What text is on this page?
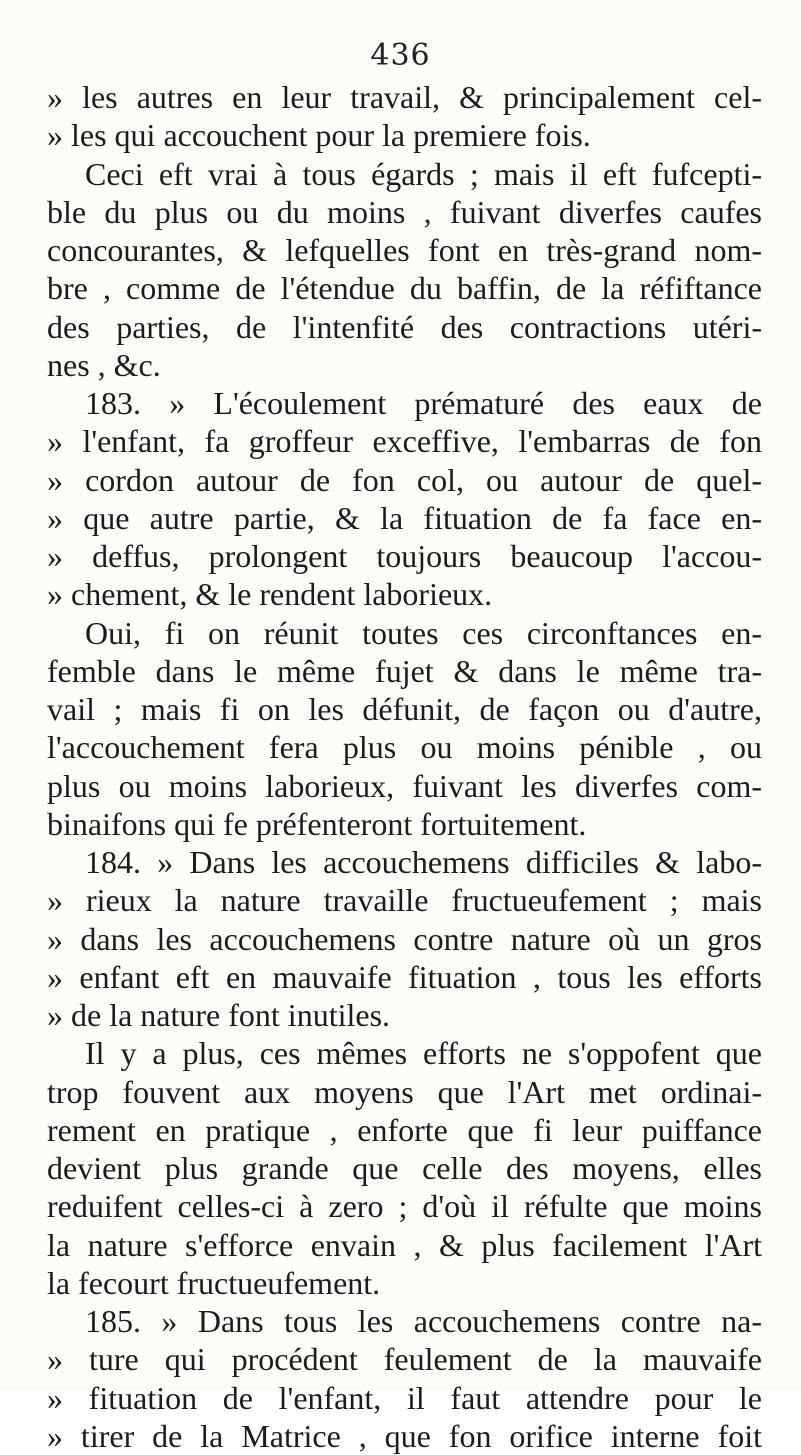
436
» les autres en leur travail, & principalement cel-
» les qui accouchent pour la premiere fois.
Ceci eft vrai à tous égards ; mais il eft fufcepti-
ble du plus ou du moins , fuivant diverfes caufes
concourantes, & lefquelles font en très-grand nom-
bre , comme de l'étendue du baffin, de la réfiftance
des parties, de l'intenfité des contractions utéri-
nes , &c.
183. » L'écoulement prématuré des eaux de
» l'enfant, fa groffeur exceffive, l'embarras de fon
» cordon autour de fon col, ou autour de quel-
» que autre partie, & la fituation de fa face en-
» deffus, prolongent toujours beaucoup l'accou-
» chement, & le rendent laborieux.
Oui, fi on réunit toutes ces circonftances en-
femble dans le même fujet & dans le même tra-
vail ; mais fi on les défunit, de façon ou d'autre,
l'accouchement fera plus ou moins pénible , ou
plus ou moins laborieux, fuivant les diverfes com-
binaifons qui fe préfenteront fortuitement.
184. » Dans les accouchemens difficiles & labo-
» rieux la nature travaille fructueufement ; mais
» dans les accouchemens contre nature où un gros
» enfant eft en mauvaife fituation , tous les efforts
» de la nature font inutiles.
Il y a plus, ces mêmes efforts ne s'oppofent que
trop fouvent aux moyens que l'Art met ordinai-
rement en pratique , enforte que fi leur puiffance
devient plus grande que celle des moyens, elles
reduifent celles-ci à zero ; d'où il réfulte que moins
la nature s'efforce envain , & plus facilement l'Art
la fecourt fructueufement.
185. » Dans tous les accouchemens contre na-
» ture qui procédent feulement de la mauvaife
» fituation de l'enfant, il faut attendre pour le
» tirer de la Matrice , que fon orifice interne foit
